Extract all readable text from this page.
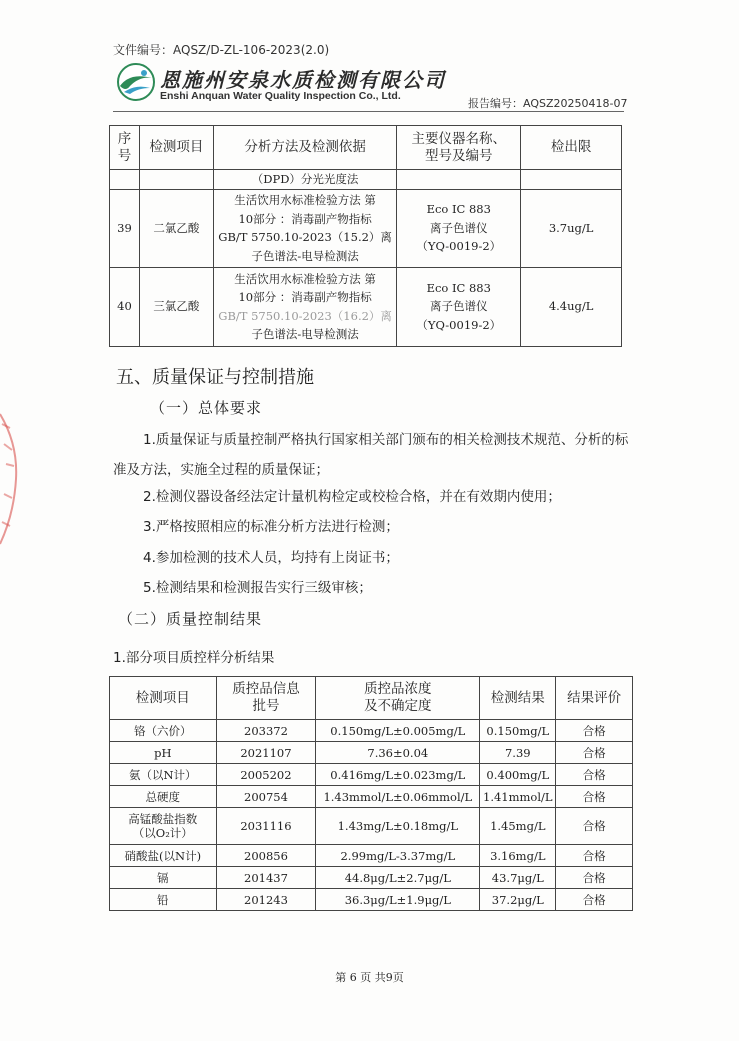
文件编号：AQSZ/D-ZL-106-2023(2.0)
恩施州安泉水质检测有限公司
Enshi Anquan Water Quality Inspection Co., Ltd.
报告编号：AQSZ20250418-07
序号	检测项目	分析方法及检测依据	主要仪器名称、型号及编号	检出限
		（DPD）分光光度法		
39	二氯乙酸	生活饮用水标准检验方法 第
10部分 ：消毒副产物指标
GB/T 5750.10-2023（15.2）离
子色谱法-电导检测法	Eco IC 883
离子色谱仪
（YQ-0019-2）	3.7ug/L
40	三氯乙酸	生活饮用水标准检验方法 第
10部分 ：消毒副产物指标
GB/T 5750.10-2023（16.2）离
子色谱法-电导检测法	Eco IC 883
离子色谱仪
（YQ-0019-2）	4.4ug/L
五、质量保证与控制措施
（一）总体要求
1.质量保证与质量控制严格执行国家相关部门颁布的相关检测技术规范、分析的标准及方法，实施全过程的质量保证；
2.检测仪器设备经法定计量机构检定或校检合格，并在有效期内使用；
3.严格按照相应的标准分析方法进行检测；
4.参加检测的技术人员，均持有上岗证书；
5.检测结果和检测报告实行三级审核；
（二）质量控制结果
1.部分项目质控样分析结果
检测项目	质控品信息
批号	质控品浓度
及不确定度	检测结果	结果评价
铬（六价）	203372	0.150mg/L±0.005mg/L	0.150mg/L	合格
pH	2021107	7.36±0.04	7.39	合格
氨（以N计）	2005202	0.416mg/L±0.023mg/L	0.400mg/L	合格
总硬度	200754	1.43mmol/L±0.06mmol/L	1.41mmol/L	合格
高锰酸盐指数
（以O₂计）	2031116	1.43mg/L±0.18mg/L	1.45mg/L	合格
硝酸盐(以N计)	200856	2.99mg/L-3.37mg/L	3.16mg/L	合格
镉	201437	44.8μg/L±2.7μg/L	43.7μg/L	合格
铅	201243	36.3μg/L±1.9μg/L	37.2μg/L	合格
第 6 页 共9页
